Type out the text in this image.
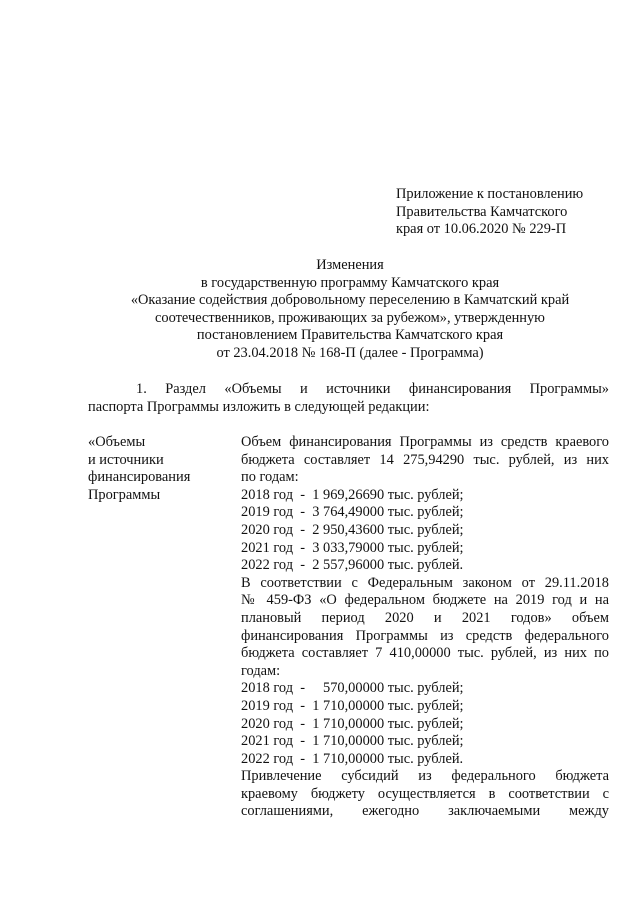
Приложение к постановлению
Правительства Камчатского
края от 10.06.2020 № 229-П
Изменения
в государственную программу Камчатского края
«Оказание содействия добровольному переселению в Камчатский край
соотечественников, проживающих за рубежом», утвержденную
постановлением Правительства Камчатского края
от 23.04.2018 № 168-П (далее - Программа)
1. Раздел «Объемы и источники финансирования Программы»
паспорта Программы изложить в следующей редакции:
«Объемы
и источники
финансирования
Программы
Объем финансирования Программы из средств краевого
бюджета составляет 14 275,94290 тыс. рублей, из них
по годам:
2018 год  -  1 969,26690 тыс. рублей;
2019 год  -  3 764,49000 тыс. рублей;
2020 год  -  2 950,43600 тыс. рублей;
2021 год  -  3 033,79000 тыс. рублей;
2022 год  -  2 557,96000 тыс. рублей.
В соответствии с Федеральным законом от 29.11.2018
№ 459-ФЗ «О федеральном бюджете на 2019 год и на
плановый период 2020 и 2021 годов» объем
финансирования Программы из средств федерального
бюджета составляет 7 410,00000 тыс. рублей, из них по
годам:
2018 год  -     570,00000 тыс. рублей;
2019 год  -  1 710,00000 тыс. рублей;
2020 год  -  1 710,00000 тыс. рублей;
2021 год  -  1 710,00000 тыс. рублей;
2022 год  -  1 710,00000 тыс. рублей.
Привлечение субсидий из федерального бюджета
краевому бюджету осуществляется в соответствии с
соглашениями, ежегодно заключаемыми между
